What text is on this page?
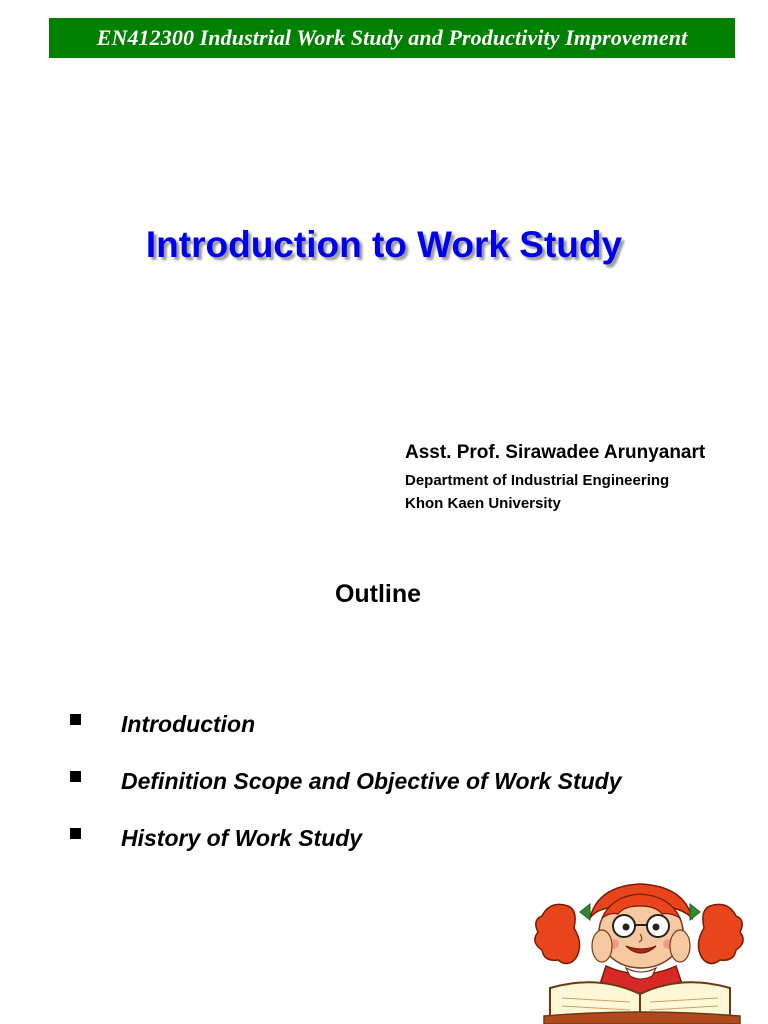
EN412300 Industrial Work Study and Productivity Improvement
Introduction to Work Study
Asst. Prof. Sirawadee Arunyanart
Department of Industrial Engineering
Khon Kaen University
Outline
Introduction
Definition Scope and Objective of Work Study
History of Work Study
